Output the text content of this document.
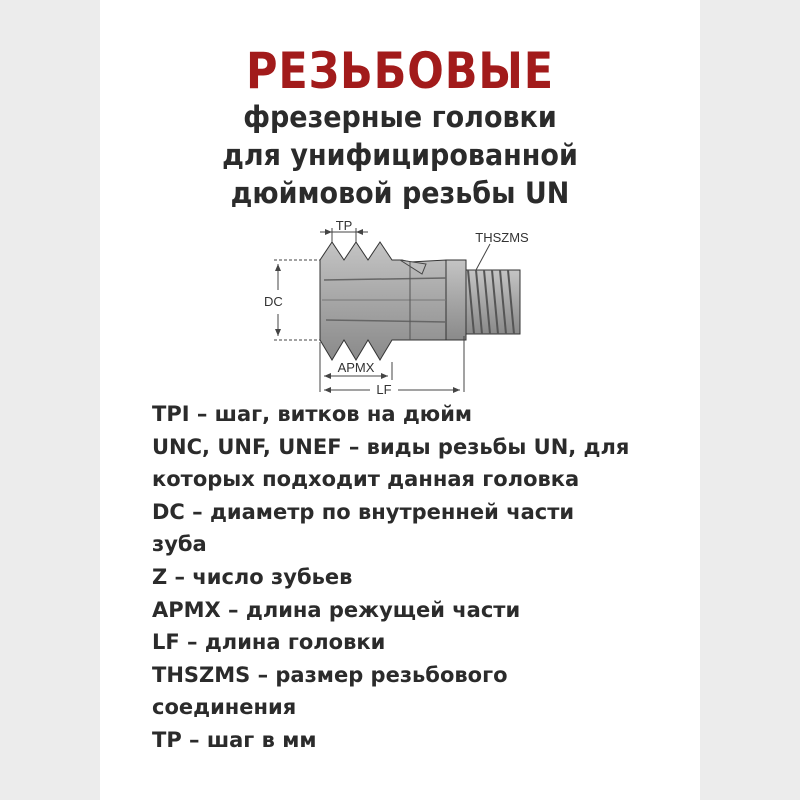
РЕЗЬБОВЫЕ
фрезерные головки
для унифицированной
дюймовой резьбы UN
TP
THSZMS
DC
APMX
LF
TPI – шаг, витков на дюйм
UNC, UNF, UNEF – виды резьбы UN, для
которых подходит данная головка
DC – диаметр по внутренней части
зуба
Z – число зубьев
APMX – длина режущей части
LF – длина головки
THSZMS – размер резьбового
соединения
TP – шаг в мм
